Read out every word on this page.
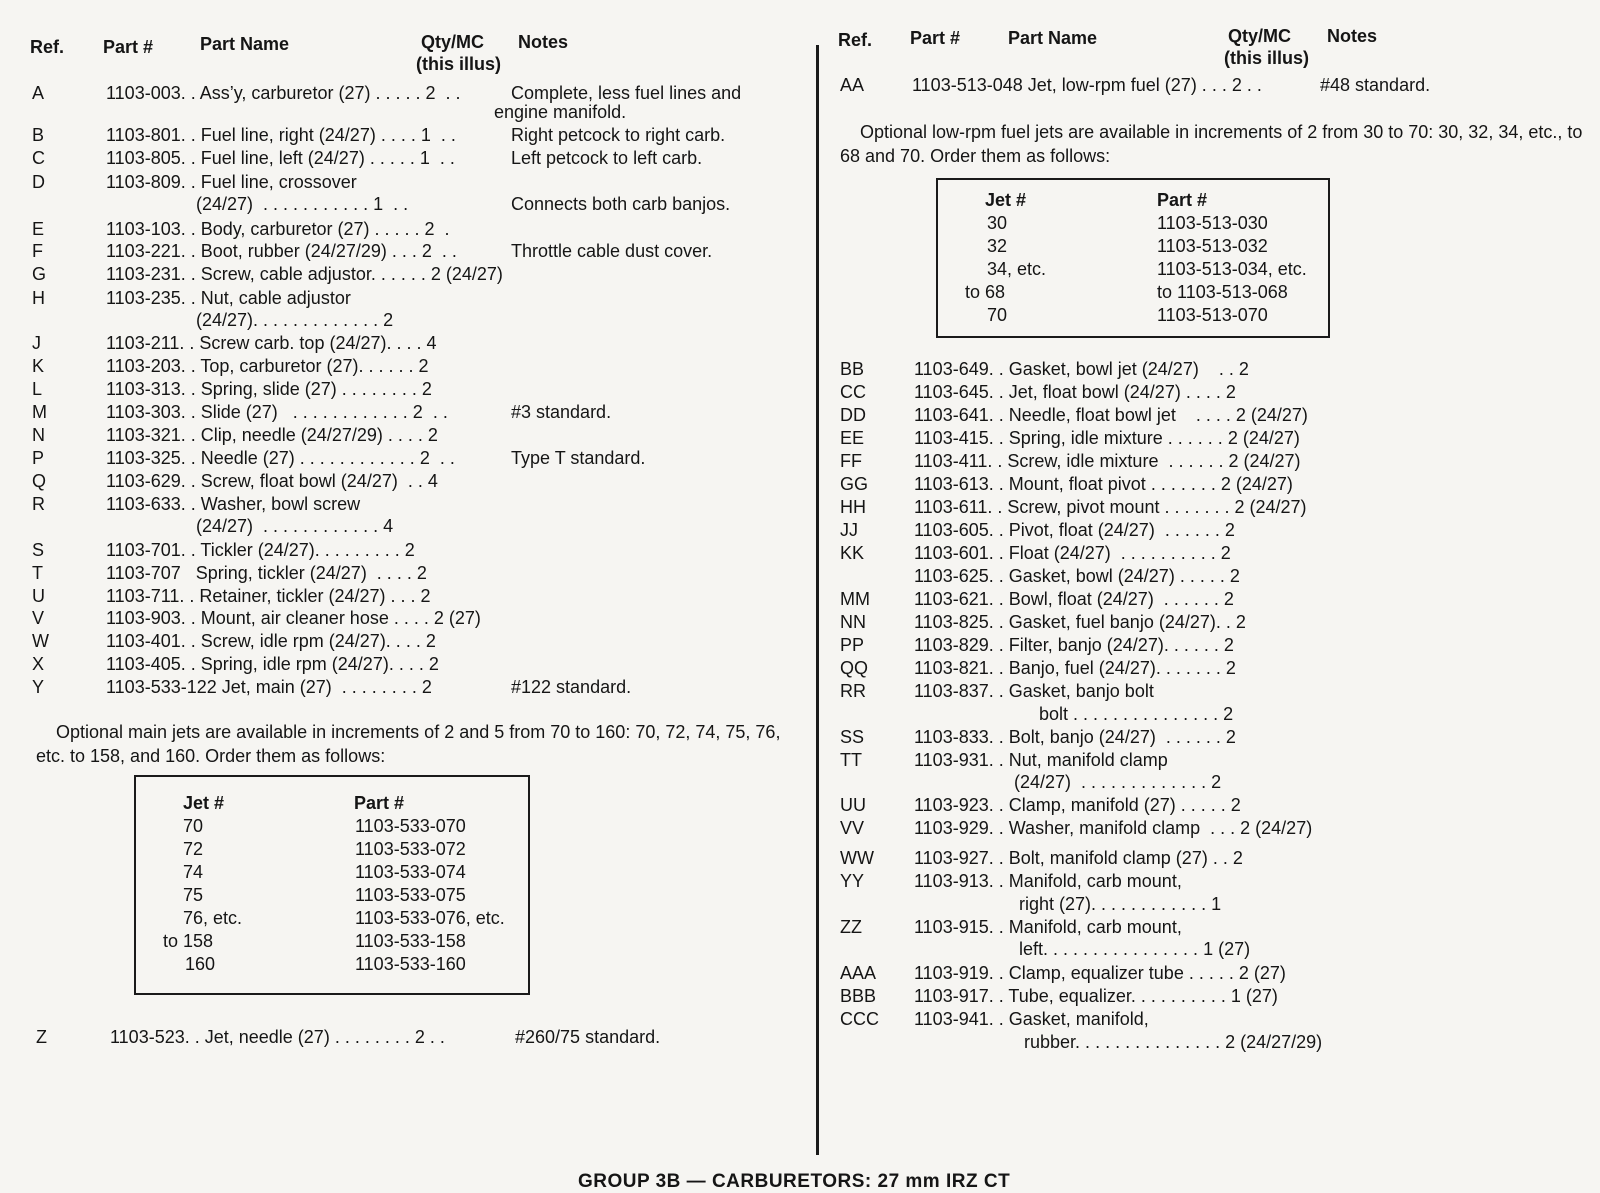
Ref. Part #	Part Name	Qty/MC
(this illus)
Notes
A	1103-003. . Ass’y, carburetor (27) . . . . . 2  . .	Complete, less fuel lines and
engine manifold.
B	1103-801. . Fuel line, right (24/27) . . . . 1  . .	Right petcock to right carb.
C	1103-805. . Fuel line, left (24/27) . . . . . 1  . .	Left petcock to left carb.
D	1103-809. . Fuel line, crossover
(24/27)  . . . . . . . . . . . 1  . .	Connects both carb banjos.
E	1103-103. . Body, carburetor (27) . . . . . 2  .
F	1103-221. . Boot, rubber (24/27/29) . . . 2  . .	Throttle cable dust cover.
G	1103-231. . Screw, cable adjustor. . . . . . 2 (24/27)
H	1103-235. . Nut, cable adjustor
(24/27). . . . . . . . . . . . . 2
J	1103-211. . Screw carb. top (24/27). . . . 4
K	1103-203. . Top, carburetor (27). . . . . . 2
L	1103-313. . Spring, slide (27) . . . . . . . . 2
M	1103-303. . Slide (27)   . . . . . . . . . . . . 2  . .	#3 standard.
N	1103-321. . Clip, needle (24/27/29) . . . . 2
P	1103-325. . Needle (27) . . . . . . . . . . . . 2  . .	Type T standard.
Q	1103-629. . Screw, float bowl (24/27)  . . 4
R	1103-633. . Washer, bowl screw
(24/27)  . . . . . . . . . . . . 4
S	1103-701. . Tickler (24/27). . . . . . . . . 2
T	1103-707   Spring, tickler (24/27)  . . . . 2
U	1103-711. . Retainer, tickler (24/27) . . . 2
V	1103-903. . Mount, air cleaner hose . . . . 2 (27)
W	1103-401. . Screw, idle rpm (24/27). . . . 2
X	1103-405. . Spring, idle rpm (24/27). . . . 2
Y	1103-533-122 Jet, main (27)  . . . . . . . . 2	#122 standard.
Optional main jets are available in increments of 2 and 5 from 70 to 160: 70, 72, 74, 75, 76, etc. to 158, and 160. Order them as follows:
Jet #	Part #
70	1103-533-070
72	1103-533-072
74	1103-533-074
75	1103-533-075
76, etc.	1103-533-076, etc.
to 158	1103-533-158
160	1103-533-160
Z	1103-523. . Jet, needle (27) . . . . . . . . 2 . .	#260/75 standard.
Ref. Part #	Part Name	Qty/MC
(this illus)
Notes
AA	1103-513-048 Jet, low-rpm fuel (27) . . . 2 . .	#48 standard.
Optional low-rpm fuel jets are available in increments of 2 from 30 to 70: 30, 32, 34, etc., to 68 and 70. Order them as follows:
Jet #	Part #
30	1103-513-030
32	1103-513-032
34, etc.	1103-513-034, etc.
to 68	to 1103-513-068
70	1103-513-070
BB	1103-649. . Gasket, bowl jet (24/27)    . . 2
CC	1103-645. . Jet, float bowl (24/27) . . . . 2
DD	1103-641. . Needle, float bowl jet    . . . . 2 (24/27)
EE	1103-415. . Spring, idle mixture . . . . . . 2 (24/27)
FF	1103-411. . Screw, idle mixture  . . . . . . 2 (24/27)
GG	1103-613. . Mount, float pivot . . . . . . . 2 (24/27)
HH	1103-611. . Screw, pivot mount . . . . . . . 2 (24/27)
JJ	1103-605. . Pivot, float (24/27)  . . . . . . 2
KK	1103-601. . Float (24/27)  . . . . . . . . . . 2
1103-625. . Gasket, bowl (24/27) . . . . . 2
MM 1103-621. . Bowl, float (24/27)  . . . . . . 2
NN	1103-825. . Gasket, fuel banjo (24/27). . 2
PP	1103-829. . Filter, banjo (24/27). . . . . . 2
QQ	1103-821. . Banjo, fuel (24/27). . . . . . . 2
RR	1103-837. . Gasket, banjo bolt
bolt . . . . . . . . . . . . . . . 2
SS	1103-833. . Bolt, banjo (24/27)  . . . . . . 2
TT	1103-931. . Nut, manifold clamp
(24/27)  . . . . . . . . . . . . . 2
UU	1103-923. . Clamp, manifold (27) . . . . . 2
VV	1103-929. . Washer, manifold clamp  . . . 2 (24/27)
WW 1103-927. . Bolt, manifold clamp (27) . . 2
YY	1103-913. . Manifold, carb mount,
right (27). . . . . . . . . . . . 1
ZZ	1103-915. . Manifold, carb mount,
left. . . . . . . . . . . . . . . . 1 (27)
AAA 1103-919. . Clamp, equalizer tube . . . . . 2 (27)
BBB 1103-917. . Tube, equalizer. . . . . . . . . . 1 (27)
CCC 1103-941. . Gasket, manifold,
rubber. . . . . . . . . . . . . . . 2 (24/27/29)
GROUP 3B — CARBURETORS: 27 mm IRZ CT
